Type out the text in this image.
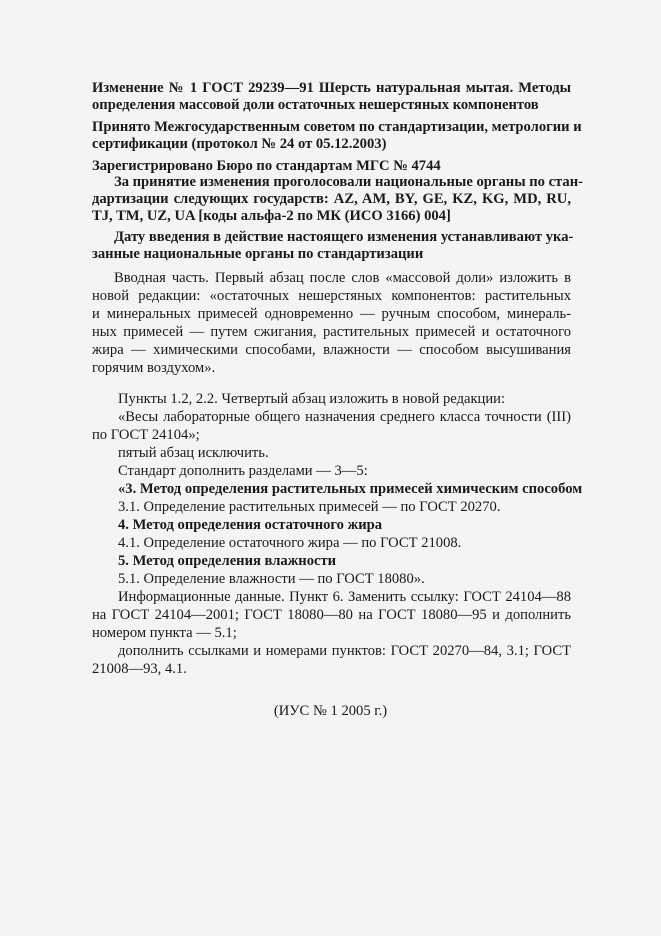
Изменение № 1 ГОСТ 29239—91 Шерсть натуральная мытая. Методы
определения массовой доли остаточных нешерстяных компонентов
Принято Межгосударственным советом по стандартизации, метрологии и
сертификации (протокол № 24 от 05.12.2003)
Зарегистрировано Бюро по стандартам МГС № 4744
За принятие изменения проголосовали национальные органы по стан-
дартизации следующих государств: AZ, AM, BY, GE, KZ, KG, MD, RU,
TJ, TM, UZ, UA [коды альфа-2 по МК (ИСО 3166) 004]
Дату введения в действие настоящего изменения устанавливают ука-
занные национальные органы по стандартизации
Вводная часть. Первый абзац после слов «массовой доли» изложить в
новой редакции: «остаточных нешерстяных компонентов: растительных
и минеральных примесей одновременно — ручным способом, минераль-
ных примесей — путем сжигания, растительных примесей и остаточного
жира — химическими способами, влажности — способом высушивания
горячим воздухом».
Пункты 1.2, 2.2. Четвертый абзац изложить в новой редакции:
«Весы лабораторные общего назначения среднего класса точности (III)
по ГОСТ 24104»;
пятый абзац исключить.
Стандарт дополнить разделами — 3—5:
«3. Метод определения растительных примесей химическим способом
3.1. Определение растительных примесей — по ГОСТ 20270.
4. Метод определения остаточного жира
4.1. Определение остаточного жира — по ГОСТ 21008.
5. Метод определения влажности
5.1. Определение влажности — по ГОСТ 18080».
Информационные данные. Пункт 6. Заменить ссылку: ГОСТ 24104—88
на ГОСТ 24104—2001; ГОСТ 18080—80 на ГОСТ 18080—95 и дополнить
номером пункта — 5.1;
дополнить ссылками и номерами пунктов: ГОСТ 20270—84, 3.1; ГОСТ
21008—93, 4.1.
(ИУС № 1 2005 г.)
